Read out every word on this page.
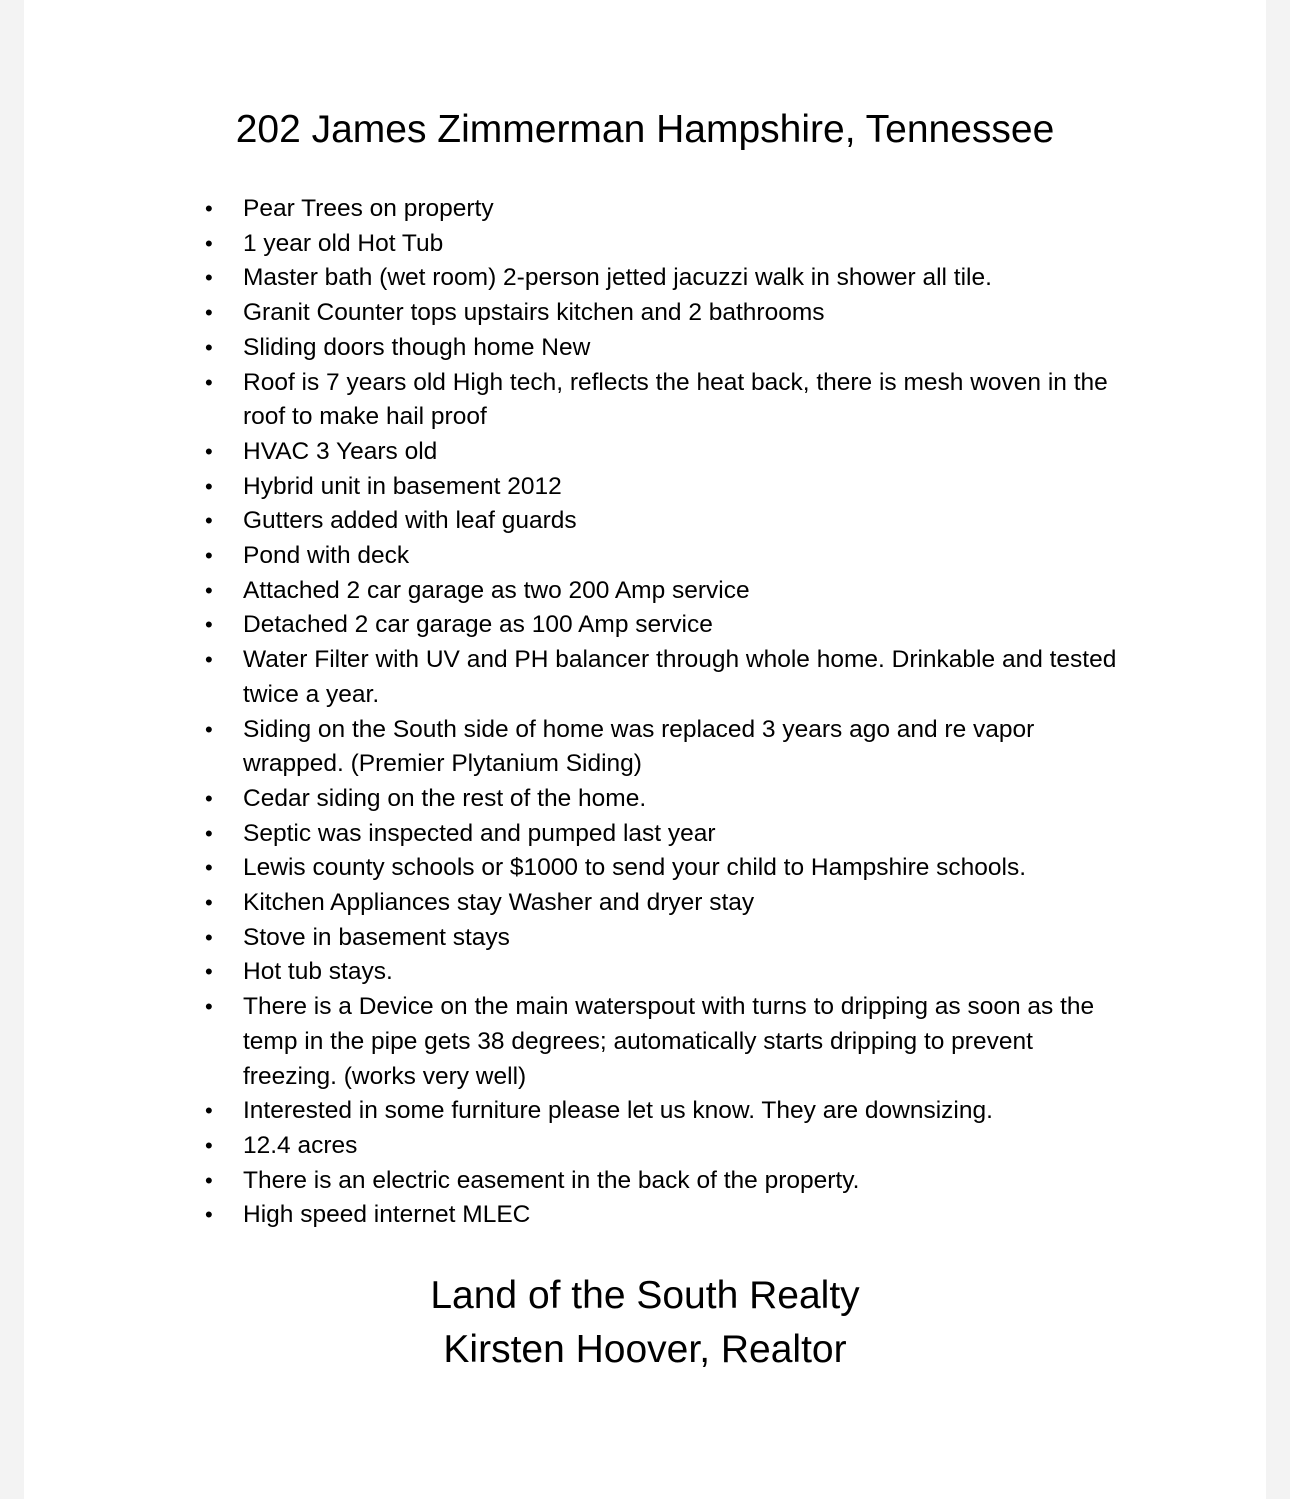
202 James Zimmerman Hampshire, Tennessee
• Pear Trees on property
• 1 year old Hot Tub
• Master bath (wet room) 2-person jetted jacuzzi walk in shower all tile.
• Granit Counter tops upstairs kitchen and 2 bathrooms
• Sliding doors though home New
• Roof is 7 years old High tech, reflects the heat back, there is mesh woven in the roof to make hail proof
• HVAC 3 Years old
• Hybrid unit in basement 2012
• Gutters added with leaf guards
• Pond with deck
• Attached 2 car garage as two 200 Amp service
• Detached 2 car garage as 100 Amp service
• Water Filter with UV and PH balancer through whole home. Drinkable and tested twice a year.
• Siding on the South side of home was replaced 3 years ago and re vapor wrapped. (Premier Plytanium Siding)
• Cedar siding on the rest of the home.
• Septic was inspected and pumped last year
• Lewis county schools or $1000 to send your child to Hampshire schools.
• Kitchen Appliances stay Washer and dryer stay
• Stove in basement stays
• Hot tub stays.
• There is a Device on the main waterspout with turns to dripping as soon as the temp in the pipe gets 38 degrees; automatically starts dripping to prevent freezing. (works very well)
• Interested in some furniture please let us know. They are downsizing.
• 12.4 acres
• There is an electric easement in the back of the property.
• High speed internet MLEC
Land of the South Realty
Kirsten Hoover, Realtor
